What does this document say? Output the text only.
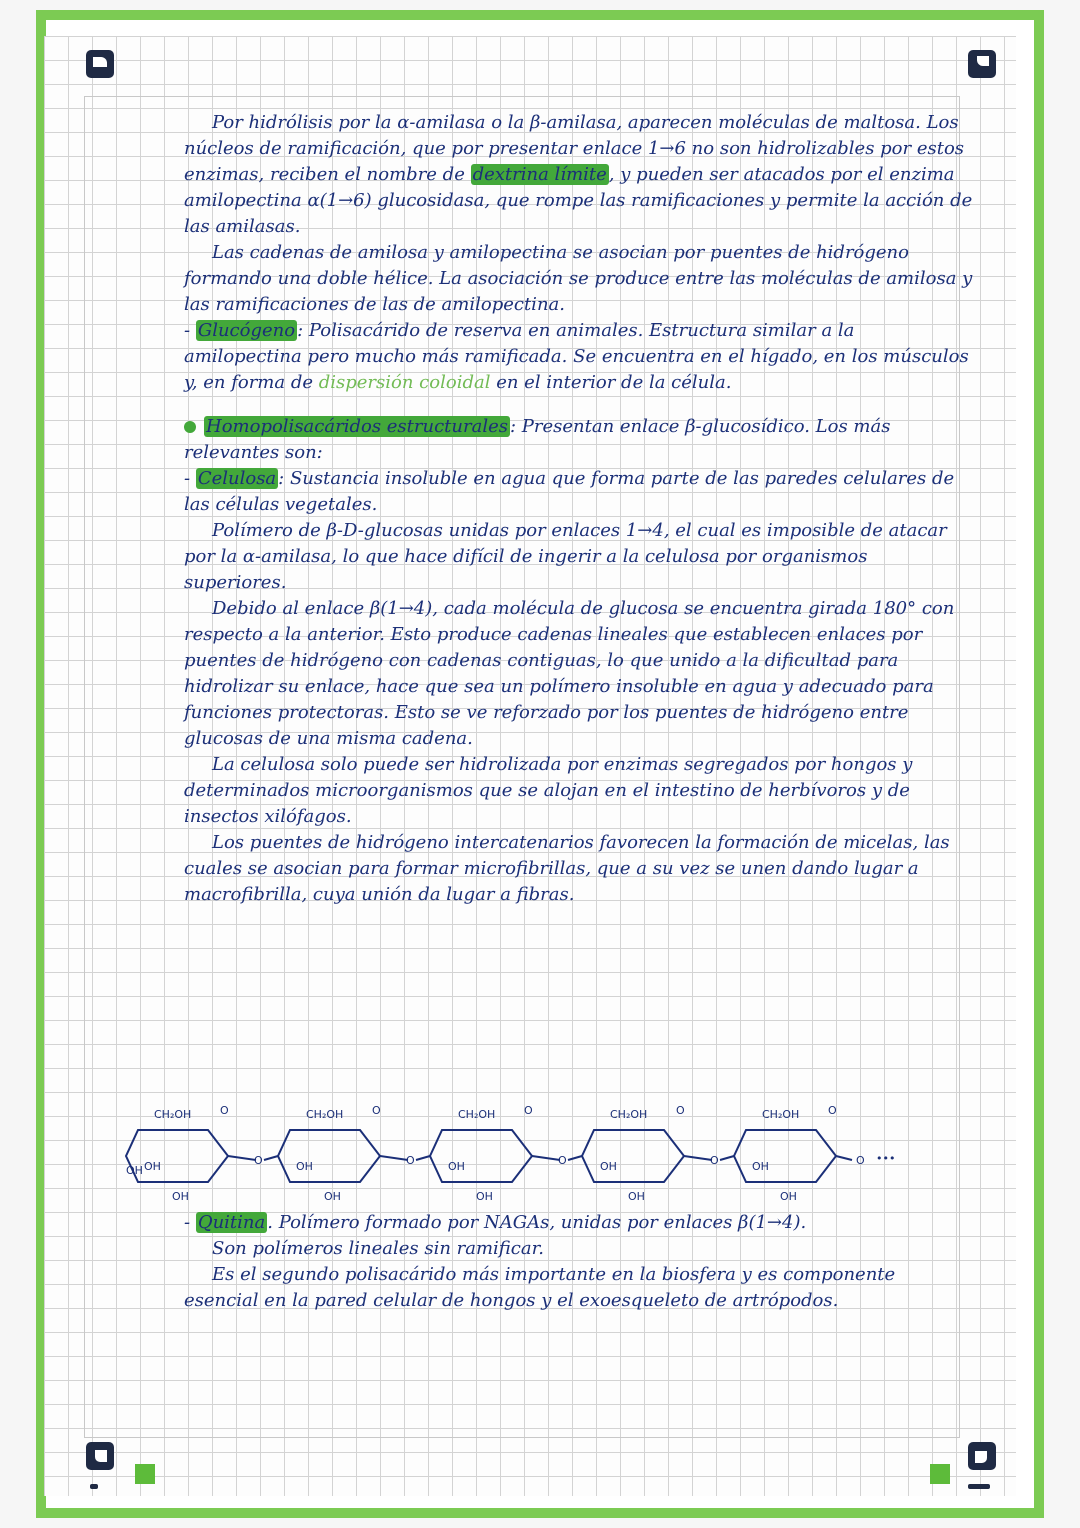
Por hidrólisis por la α-amilasa o la β-amilasa, aparecen moléculas de maltosa. Los núcleos de ramificación, que por presentar enlace 1→6 no son hidrolizables por estos enzimas, reciben el nombre de dextrina límite , y pueden ser atacados por el enzima amilopectina α(1→6) glucosidasa, que rompe las ramificaciones y permite la acción de las amilasas.

Las cadenas de amilosa y amilopectina se asocian por puentes de hidrógeno formando una doble hélice. La asociación se produce entre las moléculas de amilosa y las ramificaciones de las de amilopectina.

- Glucógeno : Polisacárido de reserva en animales. Estructura similar a la amilopectina pero mucho más ramificada. Se encuentra en el hígado, en los músculos y, en forma de dispersión coloidal en el interior de la célula.

Homopolisacáridos estructurales : Presentan enlace β-glucosídico. Los más relevantes son:

- Celulosa : Sustancia insoluble en agua que forma parte de las paredes celulares de las células vegetales.

Polímero de β-D-glucosas unidas por enlaces 1→4, el cual es imposible de atacar por la α-amilasa, lo que hace difícil de ingerir a la celulosa por organismos superiores.

Debido al enlace β(1→4), cada molécula de glucosa se encuentra girada 180° con respecto a la anterior. Esto produce cadenas lineales que establecen enlaces por puentes de hidrógeno con cadenas contiguas, lo que unido a la dificultad para hidrolizar su enlace, hace que sea un polímero insoluble en agua y adecuado para funciones protectoras. Esto se ve reforzado por los puentes de hidrógeno entre glucosas de una misma cadena.

La celulosa solo puede ser hidrolizada por enzimas segregados por hongos y determinados microorganismos que se alojan en el intestino de herbívoros y de insectos xilófagos.

Los puentes de hidrógeno intercatenarios favorecen la formación de micelas, las cuales se asocian para formar microfibrillas, que a su vez se unen dando lugar a macrofibrilla, cuya unión da lugar a fibras.

CH₂OH	O
OH
OH
O
CH₂OH	O
OH
OH
O
CH₂OH	O
OH
OH
O
CH₂OH	O
OH
OH
O
CH₂OH	O
OH
OH
OH
O •••

- Quitina . Polímero formado por NAGAs, unidas por enlaces β(1→4).

Son polímeros lineales sin ramificar.

Es el segundo polisacárido más importante en la biosfera y es componente esencial en la pared celular de hongos y el exoesqueleto de artrópodos.
